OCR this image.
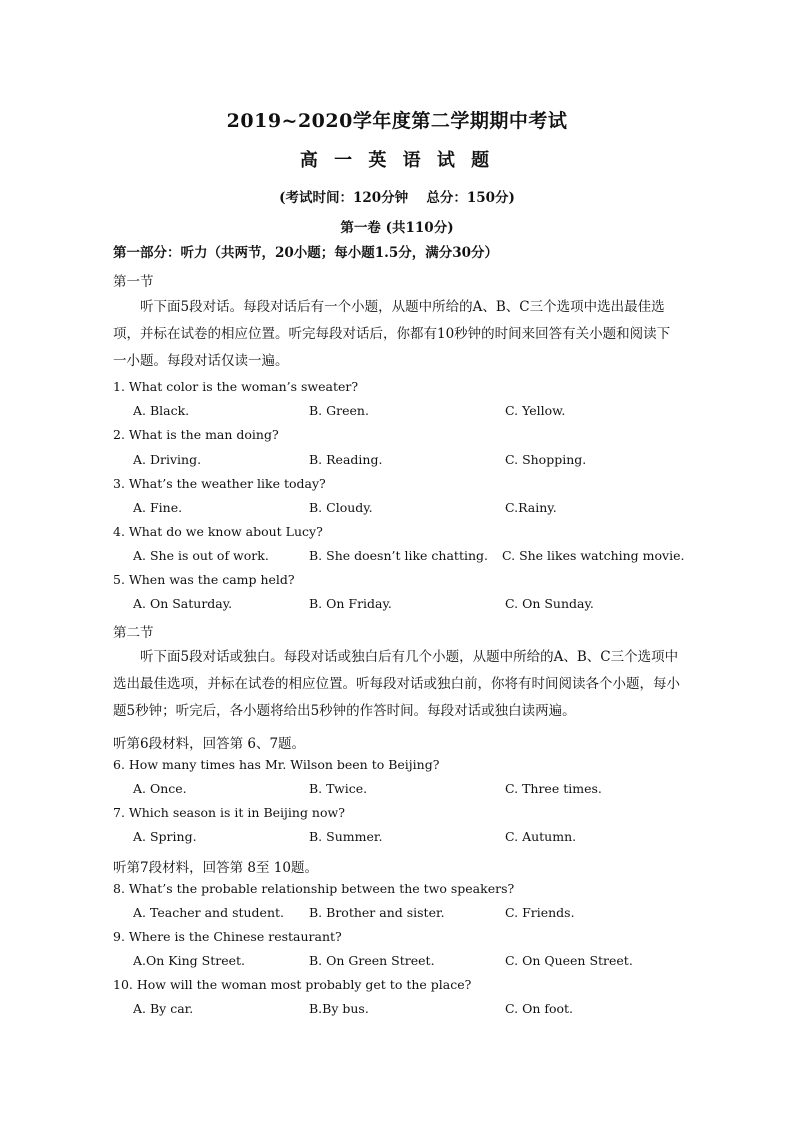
2019~2020学年度第二学期期中考试
高 一 英 语 试 题
(考试时间：120分钟　 总分：150分)
第一卷 (共110分)
第一部分：听力（共两节，20小题；每小题1.5分，满分30分）
第一节
听下面5段对话。每段对话后有一个小题，从题中所给的A、B、C三个选项中选出最佳选项，并标在试卷的相应位置。听完每段对话后，你都有10秒钟的时间来回答有关小题和阅读下一小题。每段对话仅读一遍。
1. What color is the woman’s sweater?
A. Black.	B. Green.	C. Yellow.
2. What is the man doing?
A. Driving.	B. Reading.	C. Shopping.
3. What’s the weather like today?
A. Fine.	B. Cloudy.	C.Rainy.
4. What do we know about Lucy?
A. She is out of work.	B. She doesn’t like chatting. C. She likes watching movie.
5. When was the camp held?
A. On Saturday.	B. On Friday.	C. On Sunday.
第二节
听下面5段对话或独白。每段对话或独白后有几个小题，从题中所给的A、B、C三个选项中选出最佳选项，并标在试卷的相应位置。听每段对话或独白前，你将有时间阅读各个小题，每小题5秒钟；听完后，各小题将给出5秒钟的作答时间。每段对话或独白读两遍。
听第6段材料，回答第 6、7题。
6. How many times has Mr. Wilson been to Beijing?
A. Once.	B. Twice.	C. Three times.
7. Which season is it in Beijing now?
A. Spring.	B. Summer.	C. Autumn.
听第7段材料，回答第 8至 10题。
8. What’s the probable relationship between the two speakers?
A. Teacher and student. B. Brother and sister.	C. Friends.
9. Where is the Chinese restaurant?
A.On King Street.	B. On Green Street.	C. On Queen Street.
10. How will the woman most probably get to the place?
A. By car.	B.By bus.	C. On foot.
